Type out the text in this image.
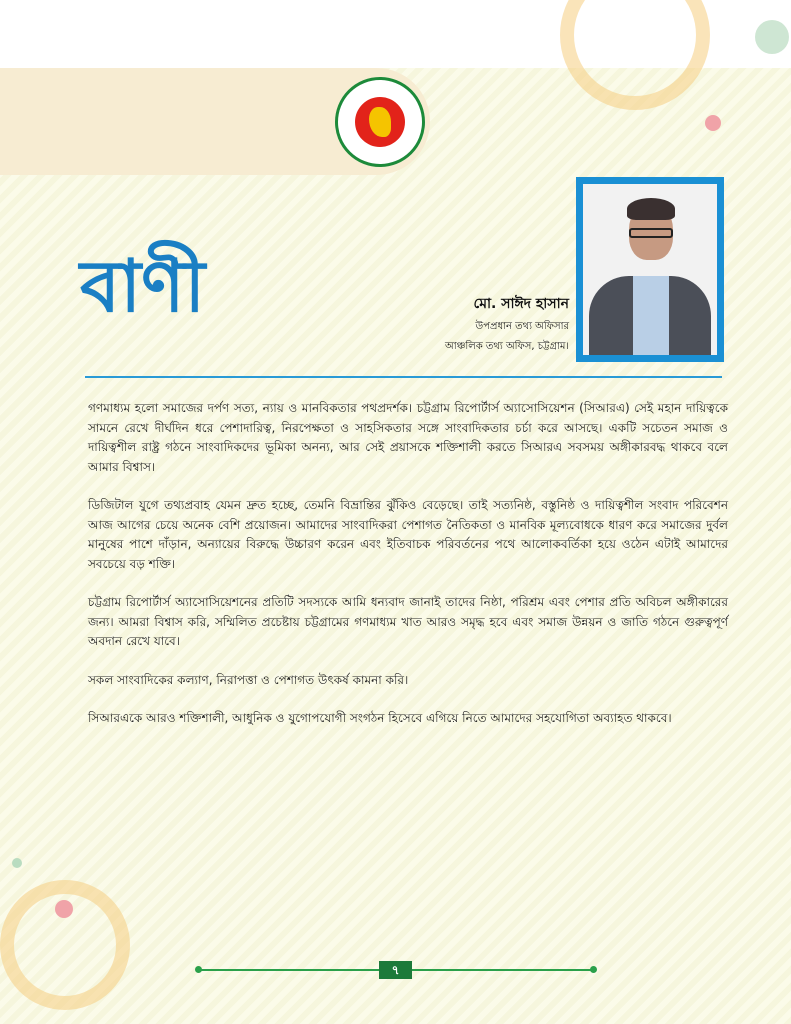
বাণী	মো. সাঈদ হাসান
উপপ্রধান তথ্য অফিসার
আঞ্চলিক তথ্য অফিস, চট্টগ্রাম।

গণমাধ্যম হলো সমাজের দর্পণ সত্য, ন্যায় ও মানবিকতার পথপ্রদর্শক। চট্টগ্রাম রিপোর্টার্স অ্যাসোসিয়েশন (সিআরএ) সেই মহান দায়িত্বকে সামনে রেখে দীর্ঘদিন ধরে পেশাদারিত্ব, নিরপেক্ষতা ও সাহসিকতার সঙ্গে সাংবাদিকতার চর্চা করে আসছে। একটি সচেতন সমাজ ও দায়িত্বশীল রাষ্ট্র গঠনে সাংবাদিকদের ভূমিকা অনন্য, আর সেই প্রয়াসকে শক্তিশালী করতে সিআরএ সবসময় অঙ্গীকারবদ্ধ থাকবে বলে আমার বিশ্বাস।

ডিজিটাল যুগে তথ্যপ্রবাহ যেমন দ্রুত হচ্ছে, তেমনি বিভ্রান্তির ঝুঁকিও বেড়েছে। তাই সত্যনিষ্ঠ, বস্তুনিষ্ঠ ও দায়িত্বশীল সংবাদ পরিবেশন আজ আগের চেয়ে অনেক বেশি প্রয়োজন। আমাদের সাংবাদিকরা পেশাগত নৈতিকতা ও মানবিক মূল্যবোধকে ধারণ করে সমাজের দুর্বল মানুষের পাশে দাঁড়ান, অন্যায়ের বিরুদ্ধে উচ্চারণ করেন এবং ইতিবাচক পরিবর্তনের পথে আলোকবর্তিকা হয়ে ওঠেন এটাই আমাদের সবচেয়ে বড় শক্তি।

চট্টগ্রাম রিপোর্টার্স অ্যাসোসিয়েশনের প্রতিটি সদস্যকে আমি ধন্যবাদ জানাই তাদের নিষ্ঠা, পরিশ্রম এবং পেশার প্রতি অবিচল অঙ্গীকারের জন্য। আমরা বিশ্বাস করি, সম্মিলিত প্রচেষ্টায় চট্টগ্রামের গণমাধ্যম খাত আরও সমৃদ্ধ হবে এবং সমাজ উন্নয়ন ও জাতি গঠনে গুরুত্বপূর্ণ অবদান রেখে যাবে।

সকল সাংবাদিকের কল্যাণ, নিরাপত্তা ও পেশাগত উৎকর্ষ কামনা করি।

সিআরএকে আরও শক্তিশালী, আধুনিক ও যুগোপযোগী সংগঠন হিসেবে এগিয়ে নিতে আমাদের সহযোগিতা অব্যাহত থাকবে।

৭
